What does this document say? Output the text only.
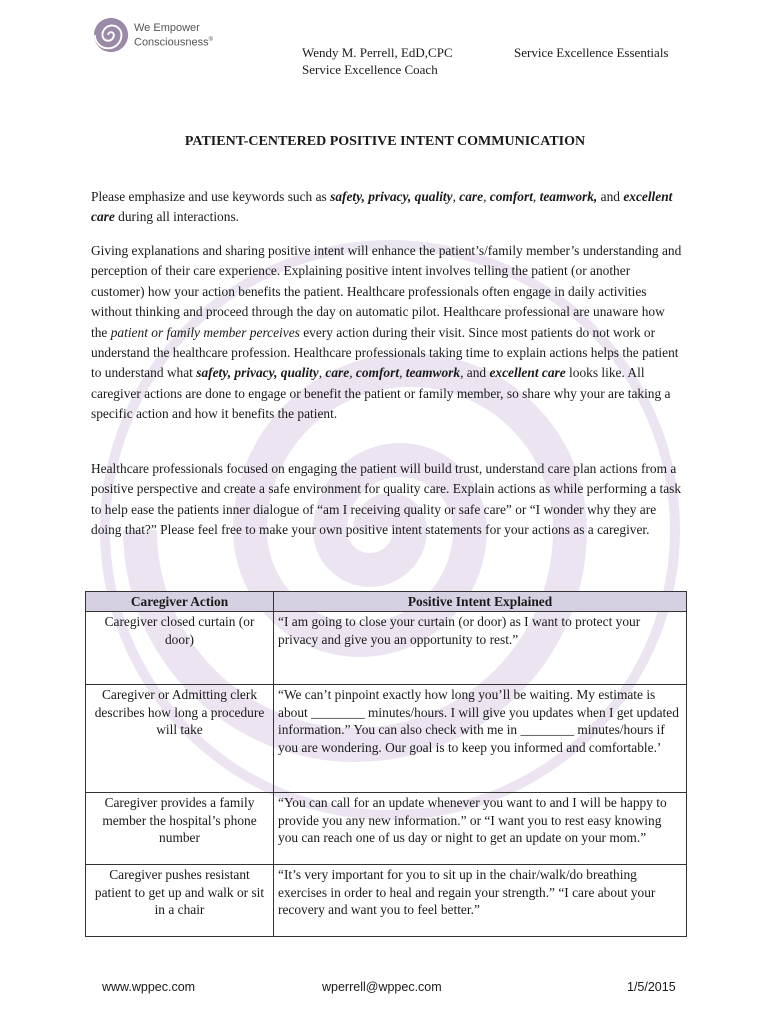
We Empower
Consciousness®
Wendy M. Perrell, EdD,CPC
Service Excellence Coach
Service Excellence Essentials
PATIENT-CENTERED POSITIVE INTENT COMMUNICATION
Please emphasize and use keywords such as safety, privacy, quality, care, comfort, teamwork, and excellent care during all interactions.
Giving explanations and sharing positive intent will enhance the patient’s/family member’s understanding and perception of their care experience. Explaining positive intent involves telling the patient (or another customer) how your action benefits the patient. Healthcare professionals often engage in daily activities without thinking and proceed through the day on automatic pilot. Healthcare professional are unaware how the patient or family member perceives every action during their visit. Since most patients do not work or understand the healthcare profession. Healthcare professionals taking time to explain actions helps the patient to understand what safety, privacy, quality, care, comfort, teamwork, and excellent care looks like. All caregiver actions are done to engage or benefit the patient or family member, so share why your are taking a specific action and how it benefits the patient.
Healthcare professionals focused on engaging the patient will build trust, understand care plan actions from a positive perspective and create a safe environment for quality care. Explain actions as while performing a task to help ease the patients inner dialogue of “am I receiving quality or safe care” or “I wonder why they are doing that?” Please feel free to make your own positive intent statements for your actions as a caregiver.
Caregiver Action	Positive Intent Explained
Caregiver closed curtain (or door)	“I am going to close your curtain (or door) as I want to protect your privacy and give you an opportunity to rest.”
Caregiver or Admitting clerk describes how long a procedure will take	“We can’t pinpoint exactly how long you’ll be waiting. My estimate is about ________ minutes/hours. I will give you updates when I get updated information.” You can also check with me in ________ minutes/hours if you are wondering. Our goal is to keep you informed and comfortable.’
Caregiver provides a family member the hospital’s phone number	“You can call for an update whenever you want to and I will be happy to provide you any new information.” or “I want you to rest easy knowing you can reach one of us day or night to get an update on your mom.”
Caregiver pushes resistant patient to get up and walk or sit in a chair	“It’s very important for you to sit up in the chair/walk/do breathing exercises in order to heal and regain your strength.” “I care about your recovery and want you to feel better.”
www.wppec.com	wperrell@wppec.com	1/5/2015
